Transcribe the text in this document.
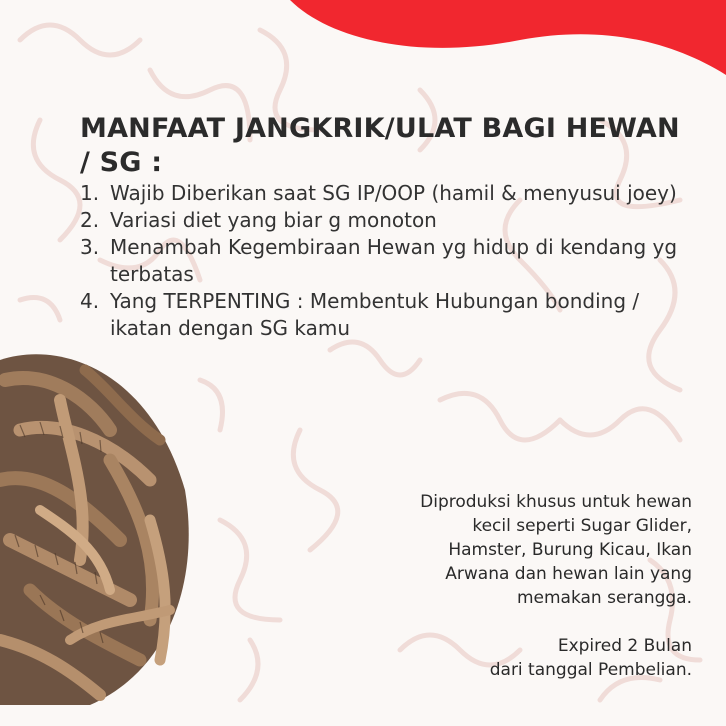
MANFAAT JANGKRIK/ULAT BAGI HEWAN / SG :
1. Wajib Diberikan saat SG IP/OOP (hamil & menyusui joey)
2. Variasi diet yang biar g monoton
3. Menambah Kegembiraan Hewan yg hidup di kendang yg terbatas
4. Yang TERPENTING : Membentuk Hubungan bonding / ikatan dengan SG kamu

Diproduksi khusus untuk hewan

kecil seperti Sugar Glider,

Hamster, Burung Kicau, Ikan

Arwana dan hewan lain yang

memakan serangga.

Expired 2 Bulan

dari tanggal Pembelian.
